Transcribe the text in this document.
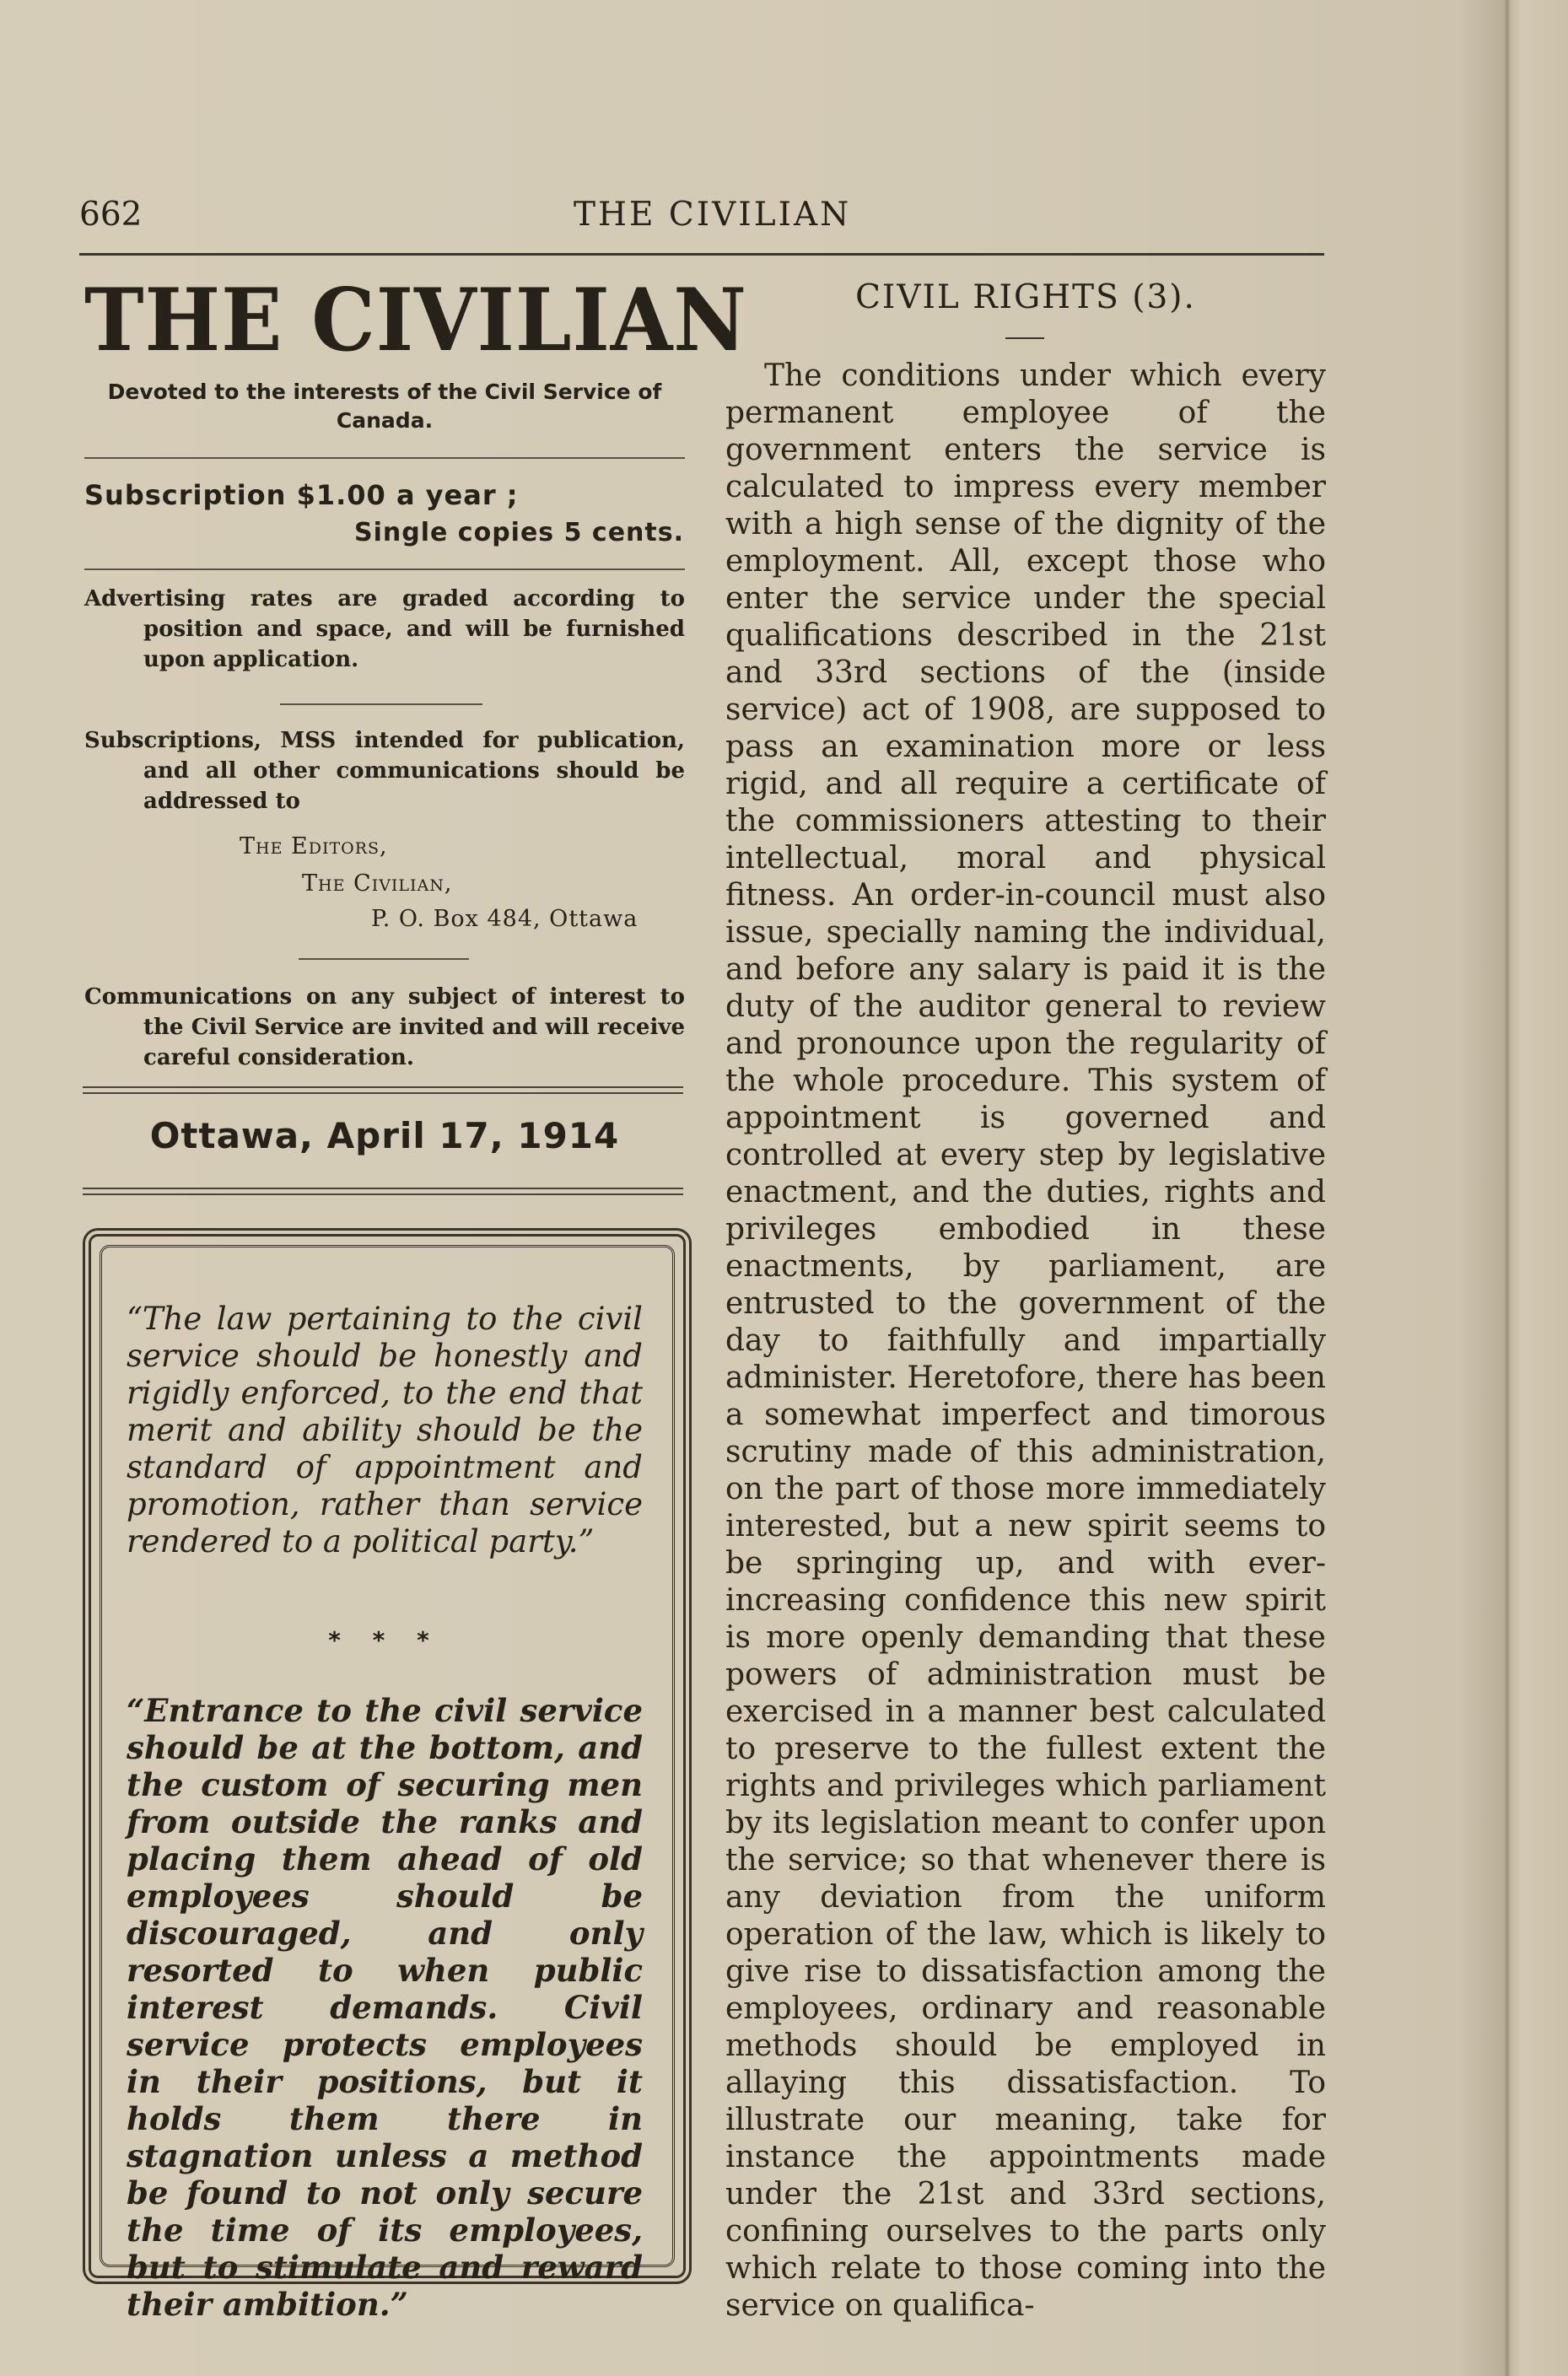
662	THE CIVILIAN
THE CIVILIAN
Devoted to the interests of the Civil Service of Canada.
Subscription $1.00 a year ;
Single copies 5 cents.
Advertising rates are graded according to position and space, and will be furnished upon application.
Subscriptions, MSS intended for publication, and all other communications should be addressed to
The Editors,
The Civilian,
P. O. Box 484, Ottawa
Communications on any subject of interest to the Civil Service are invited and will receive careful consideration.
Ottawa, April 17, 1914
“The law pertaining to the civil service should be honestly and rigidly enforced, to the end that merit and ability should be the standard of appointment and promotion, rather than service rendered to a political party.”
* * *
“Entrance to the civil service should be at the bottom, and the custom of securing men from outside the ranks and placing them ahead of old employees should be discouraged, and only resorted to when public interest demands. Civil service protects employees in their positions, but it holds them there in stagnation unless a method be found to not only secure the time of its employees, but to stimulate and reward their ambition.”
CIVIL RIGHTS (3).
The conditions under which every permanent employee of the government enters the service is calculated to impress every member with a high sense of the dignity of the employment. All, except those who enter the service under the special qualifications described in the 21st and 33rd sections of the (inside service) act of 1908, are supposed to pass an examination more or less rigid, and all require a certificate of the commissioners attesting to their intellectual, moral and physical fitness. An order-in-council must also issue, specially naming the individual, and before any salary is paid it is the duty of the auditor general to review and pronounce upon the regularity of the whole procedure. This system of appointment is governed and controlled at every step by legislative enactment, and the duties, rights and privileges embodied in these enactments, by parliament, are entrusted to the government of the day to faithfully and impartially administer. Heretofore, there has been a somewhat imperfect and timorous scrutiny made of this administration, on the part of those more immediately interested, but a new spirit seems to be springing up, and with ever-increasing confidence this new spirit is more openly demanding that these powers of administration must be exercised in a manner best calculated to preserve to the fullest extent the rights and privileges which parliament by its legislation meant to confer upon the service; so that whenever there is any deviation from the uniform operation of the law, which is likely to give rise to dissatisfaction among the employees, ordinary and reasonable methods should be employed in allaying this dissatisfaction. To illustrate our meaning, take for instance the appointments made under the 21st and 33rd sections, confining ourselves to the parts only which relate to those coming into the service on qualifica-
